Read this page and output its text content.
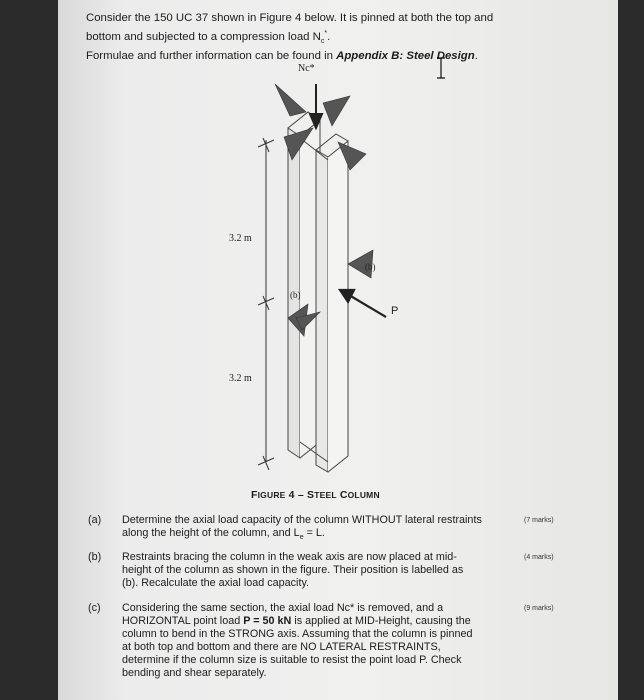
Consider the 150 UC 37 shown in Figure 4 below. It is pinned at both the top and

bottom and subjected to a compression load $N_c^*$.

Formulae and further information can be found in Appendix B: Steel Design.

Nc*
3.2 m
3.2 m
(b)
(b)
P
FIGURE 4 – STEEL COLUMN
(a) Determine the axial load capacity of the column WITHOUT lateral restraints along the height of the column, and $L_e = L$.
(7 marks)
(b) Restraints bracing the column in the weak axis are now placed at mid-height of the column as shown in the figure. Their position is labelled as (b). Recalculate the axial load capacity.
(4 marks)
(c) Considering the same section, the axial load Nc* is removed, and a HORIZONTAL point load P = 50 kN is applied at MID-Height, causing the column to bend in the STRONG axis. Assuming that the column is pinned at both top and bottom and there are NO LATERAL RESTRAINTS, determine if the column size is suitable to resist the point load P. Check bending and shear separately.
(9 marks)
